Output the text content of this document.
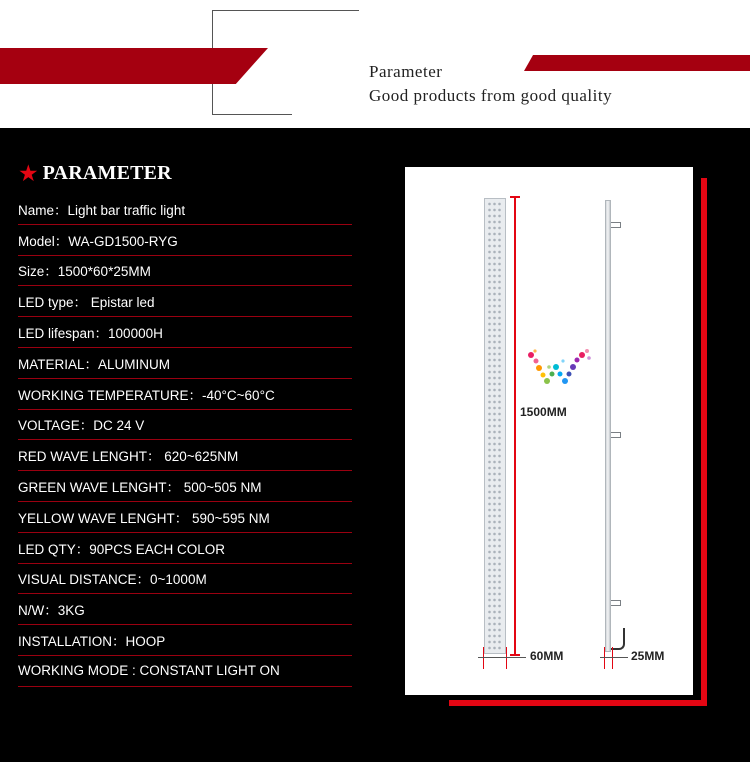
Parameter
Good products from good quality
★ PARAMETER
Name：Light bar traffic light
Model：WA-GD1500-RYG
Size：1500*60*25MM
LED type： Epistar led
LED lifespan：100000H
MATERIAL：ALUMINUM
WORKING TEMPERATURE：-40°C~60°C
VOLTAGE：DC 24 V
RED WAVE LENGHT： 620~625NM
GREEN WAVE LENGHT： 500~505 NM
YELLOW WAVE LENGHT： 590~595 NM
LED QTY：90PCS EACH COLOR
VISUAL DISTANCE：0~1000M
N/W：3KG
INSTALLATION：HOOP
WORKING MODE : CONSTANT LIGHT ON
1500MM
60MM	25MM
